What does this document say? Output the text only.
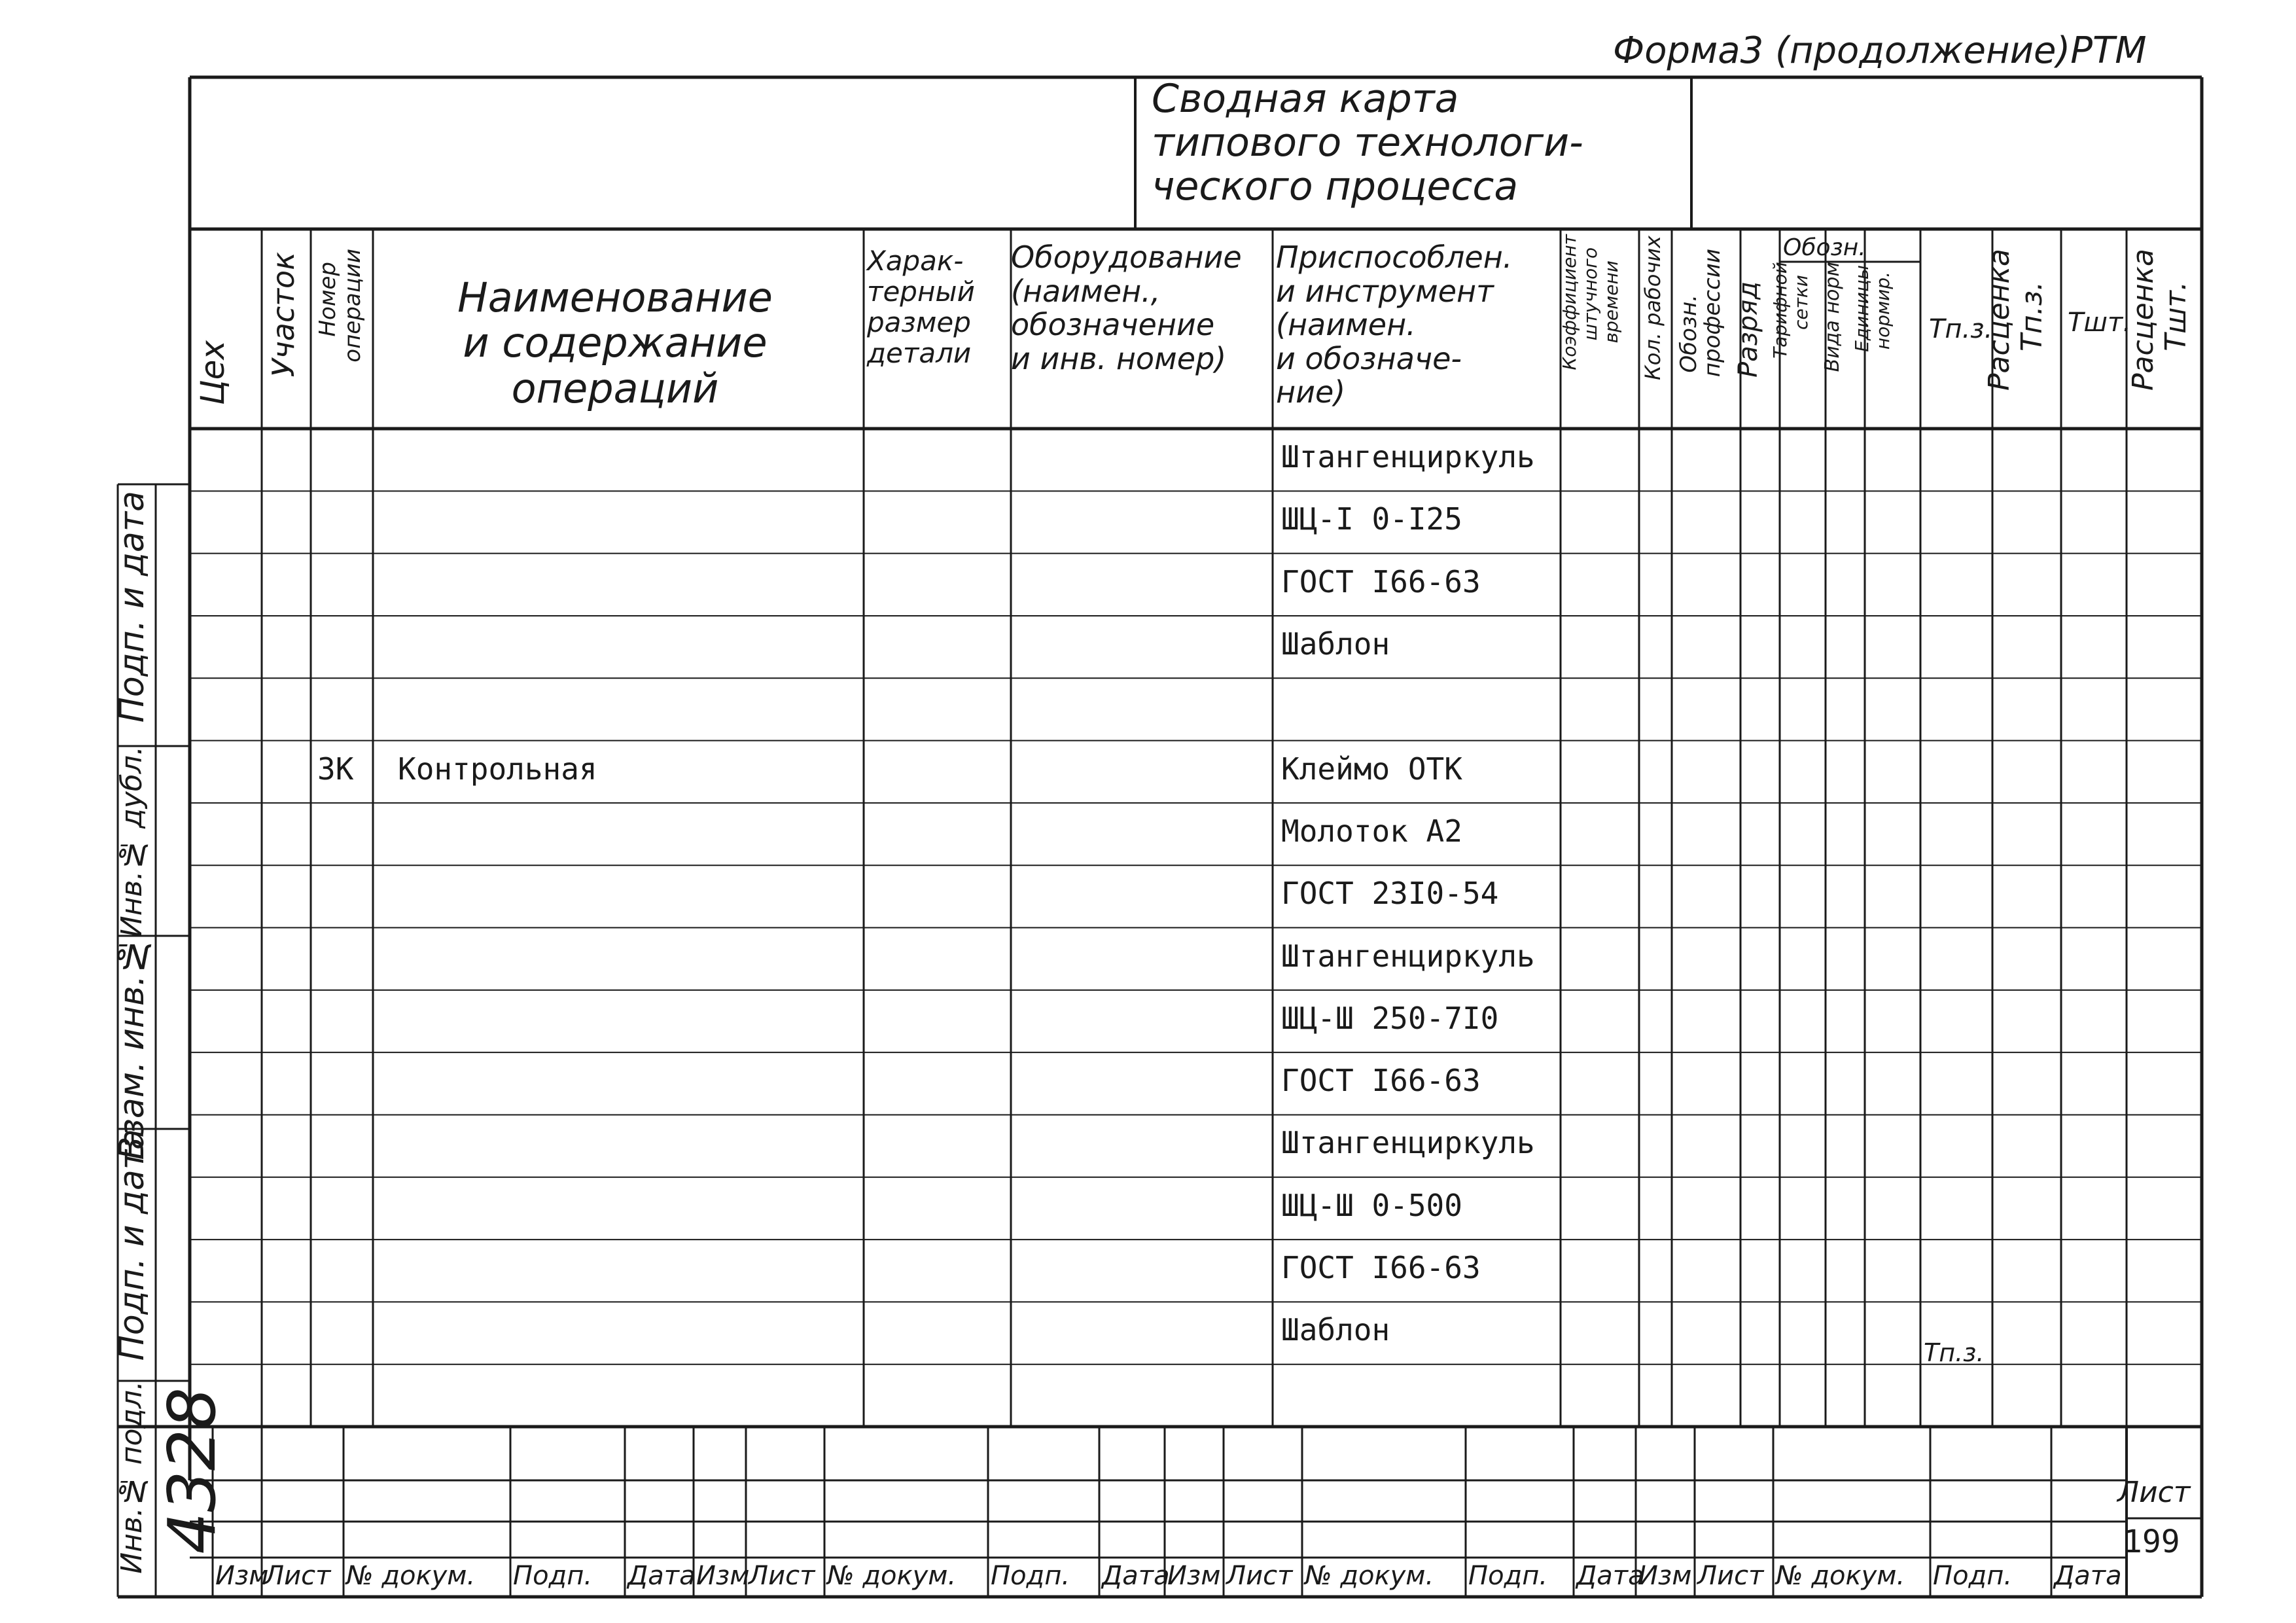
Форма3 (продолжение)РТМ
Сводная карта
типового технологи-
ческого процесса
Цех Участок Номер
операции	Наименование
и содержание
операций
Харак-
терный
размер
детали
Оборудование
(наимен.,
обозначение
и инв. номер)
Приспособлен.
и инструмент
(наимен.
и обозначе-
ние)
Коэффициент штучного времени Кол. рабочих Обозн.
профессии Разряд
Обозн.
Тарифной сетки Вида норм Единицы нормир. Тп.з.
Расценка Тп.з. Тшт.
Расценка Тшт.
Штангенциркуль
ШЦ-I 0-I25
ГОСТ I66-63
Шаблон
3К Контрольная	Клеймо ОТК
Молоток А2
ГОСТ 23I0-54
Штангенциркуль
ШЦ-Ш 250-7I0
ГОСТ I66-63
Штангенциркуль
ШЦ-Ш 0-500
ГОСТ I66-63
Шаблон
Тп.з.
Подп. и дата
Инв.№ дубл.
Взам. инв.№
Подп. и дата
Инв.№ подл. 4328
Изм
Лист № докум. Подп. Дата Изм
Лист № докум. Подп. Дата
Изм Лист № докум. Подп. Дата
Изм Лист № докум. Подп. Дата
Лист
199
